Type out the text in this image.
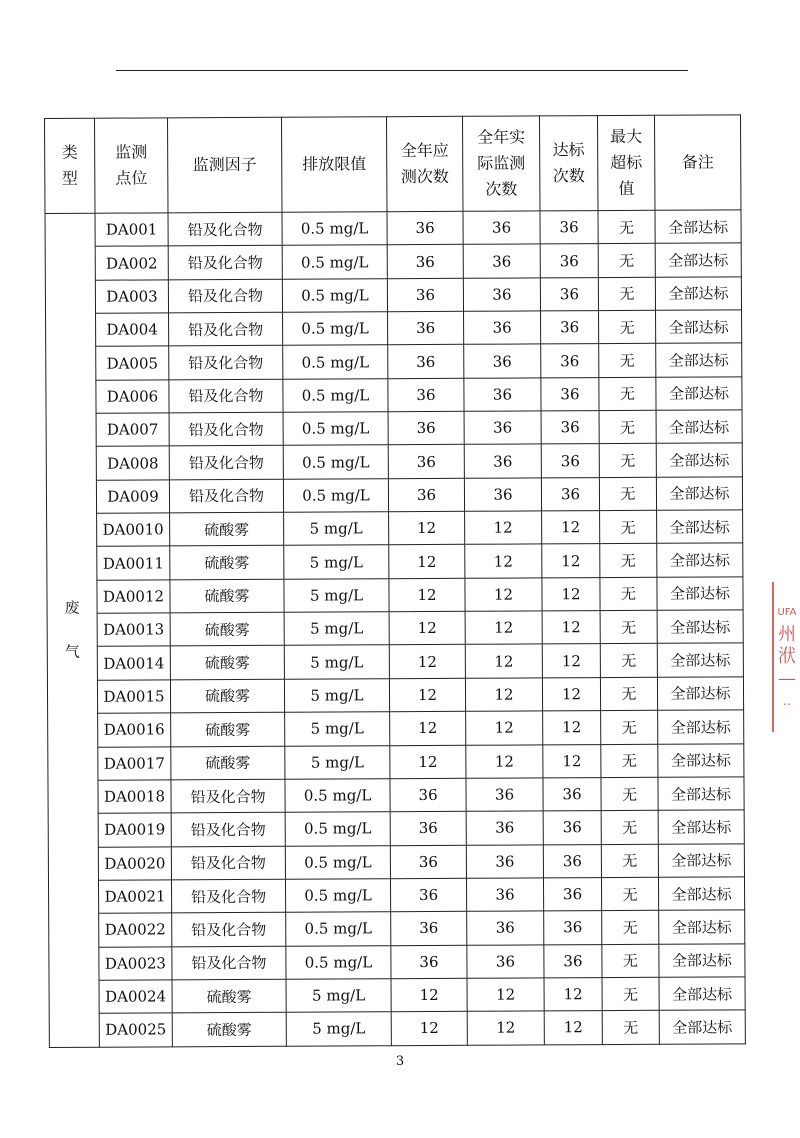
类型	监测点位	监测因子	排放限值	全年应测次数	全年实际监测次数	达标次数	最大超标值	备注
废气	DA001	铅及化合物	0.5 mg/L	36	36	36	无	全部达标
	DA002	铅及化合物	0.5 mg/L	36	36	36	无	全部达标
	DA003	铅及化合物	0.5 mg/L	36	36	36	无	全部达标
	DA004	铅及化合物	0.5 mg/L	36	36	36	无	全部达标
	DA005	铅及化合物	0.5 mg/L	36	36	36	无	全部达标
	DA006	铅及化合物	0.5 mg/L	36	36	36	无	全部达标
	DA007	铅及化合物	0.5 mg/L	36	36	36	无	全部达标
	DA008	铅及化合物	0.5 mg/L	36	36	36	无	全部达标
	DA009	铅及化合物	0.5 mg/L	36	36	36	无	全部达标
	DA0010	硫酸雾	5 mg/L	12	12	12	无	全部达标
	DA0011	硫酸雾	5 mg/L	12	12	12	无	全部达标
	DA0012	硫酸雾	5 mg/L	12	12	12	无	全部达标
	DA0013	硫酸雾	5 mg/L	12	12	12	无	全部达标
	DA0014	硫酸雾	5 mg/L	12	12	12	无	全部达标
	DA0015	硫酸雾	5 mg/L	12	12	12	无	全部达标
	DA0016	硫酸雾	5 mg/L	12	12	12	无	全部达标
	DA0017	硫酸雾	5 mg/L	12	12	12	无	全部达标
	DA0018	铅及化合物	0.5 mg/L	36	36	36	无	全部达标
	DA0019	铅及化合物	0.5 mg/L	36	36	36	无	全部达标
	DA0020	铅及化合物	0.5 mg/L	36	36	36	无	全部达标
	DA0021	铅及化合物	0.5 mg/L	36	36	36	无	全部达标
	DA0022	铅及化合物	0.5 mg/L	36	36	36	无	全部达标
	DA0023	铅及化合物	0.5 mg/L	36	36	36	无	全部达标
	DA0024	硫酸雾	5 mg/L	12	12	12	无	全部达标
	DA0025	硫酸雾	5 mg/L	12	12	12	无	全部达标
3
UFA
州
洑
—
‥
